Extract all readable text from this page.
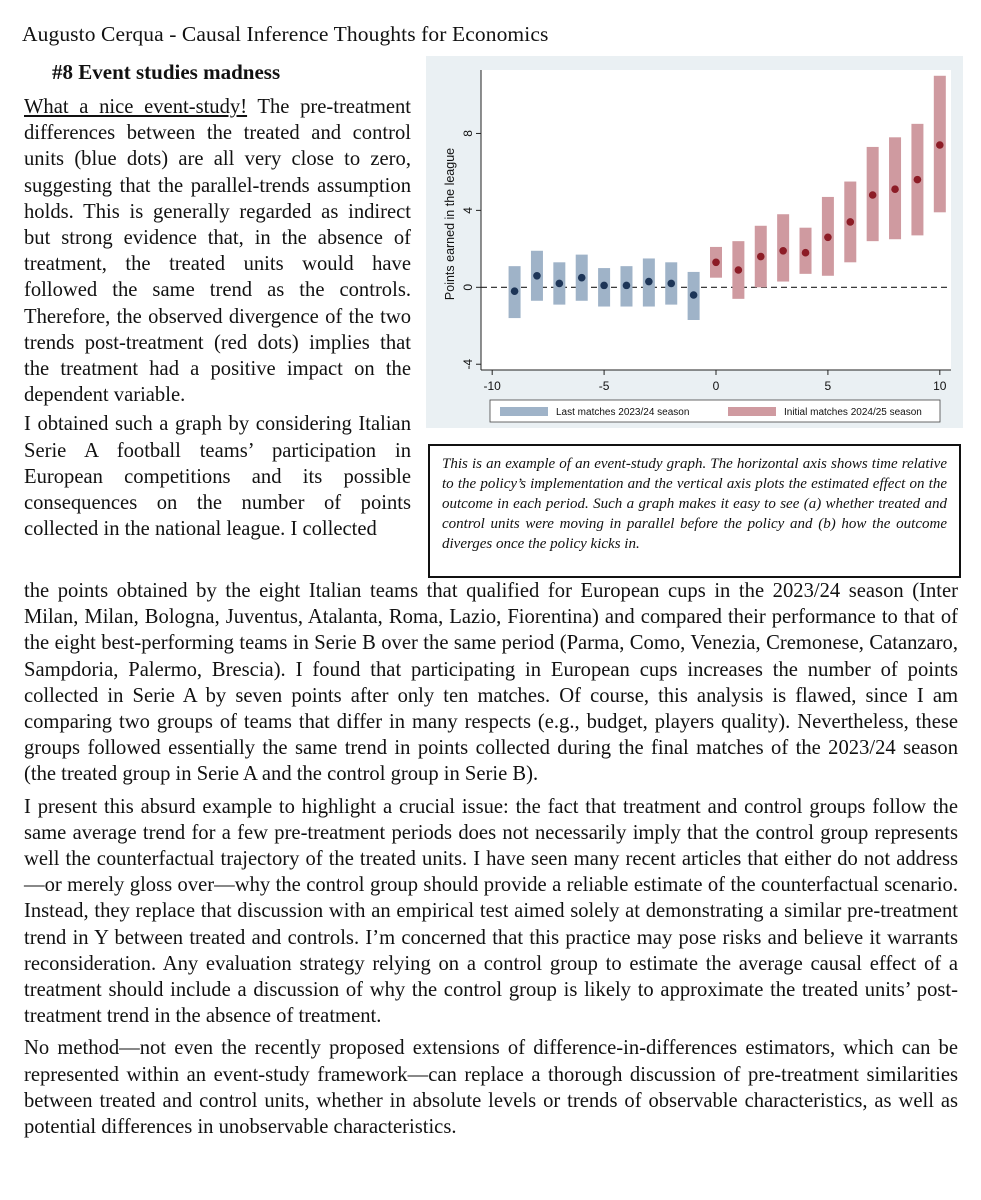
Augusto Cerqua - Causal Inference Thoughts for Economics
#8 Event studies madness

What a nice event-study! The pre-treatment differences between the treated and control units (blue dots) are all very close to zero, suggesting that the parallel-trends assumption holds. This is generally regarded as indirect but strong evidence that, in the absence of treatment, the treated units would have followed the same trend as the controls. Therefore, the observed divergence of the two trends post-treatment (red dots) implies that the treatment had a positive impact on the dependent variable.

I obtained such a graph by considering Italian Serie A football teams’ participation in European competitions and its possible consequences on the number of points collected in the national league. I collected

the points obtained by the eight Italian teams that qualified for European cups in the 2023/24 season (Inter Milan, Milan, Bologna, Juventus, Atalanta, Roma, Lazio, Fiorentina) and compared their performance to that of the eight best-performing teams in Serie B over the same period (Parma, Como, Venezia, Cremonese, Catanzaro, Sampdoria, Palermo, Brescia). I found that participating in European cups increases the number of points collected in Serie A by seven points after only ten matches. Of course, this analysis is flawed, since I am comparing two groups of teams that differ in many respects (e.g., budget, players quality). Nevertheless, these groups followed essentially the same trend in points collected during the final matches of the 2023/24 season (the treated group in Serie A and the control group in Serie B).

I present this absurd example to highlight a crucial issue: the fact that treatment and control groups follow the same average trend for a few pre-treatment periods does not necessarily imply that the control group represents well the counterfactual trajectory of the treated units. I have seen many recent articles that either do not address—or merely gloss over—why the control group should provide a reliable estimate of the counterfactual scenario. Instead, they replace that discussion with an empirical test aimed solely at demonstrating a similar pre-treatment trend in Y between treated and controls. I’m concerned that this practice may pose risks and believe it warrants reconsideration. Any evaluation strategy relying on a control group to estimate the average causal effect of a treatment should include a discussion of why the control group is likely to approximate the treated units’ post-treatment trend in the absence of treatment.

No method—not even the recently proposed extensions of difference-in-differences estimators, which can be represented within an event-study framework—can replace a thorough discussion of pre-treatment similarities between treated and control units, whether in absolute levels or trends of observable characteristics, as well as potential differences in unobservable characteristics.

-4
0
4
8
-10	-5	0	5	10
Points earned in the league
Last matches 2023/24 season	Initial matches 2024/25 season
This is an example of an event-study graph. The horizontal axis shows time relative to the policy’s implementation and the vertical axis plots the estimated effect on the outcome in each period. Such a graph makes it easy to see (a) whether treated and control units were moving in parallel before the policy and (b) how the outcome diverges once the policy kicks in.
